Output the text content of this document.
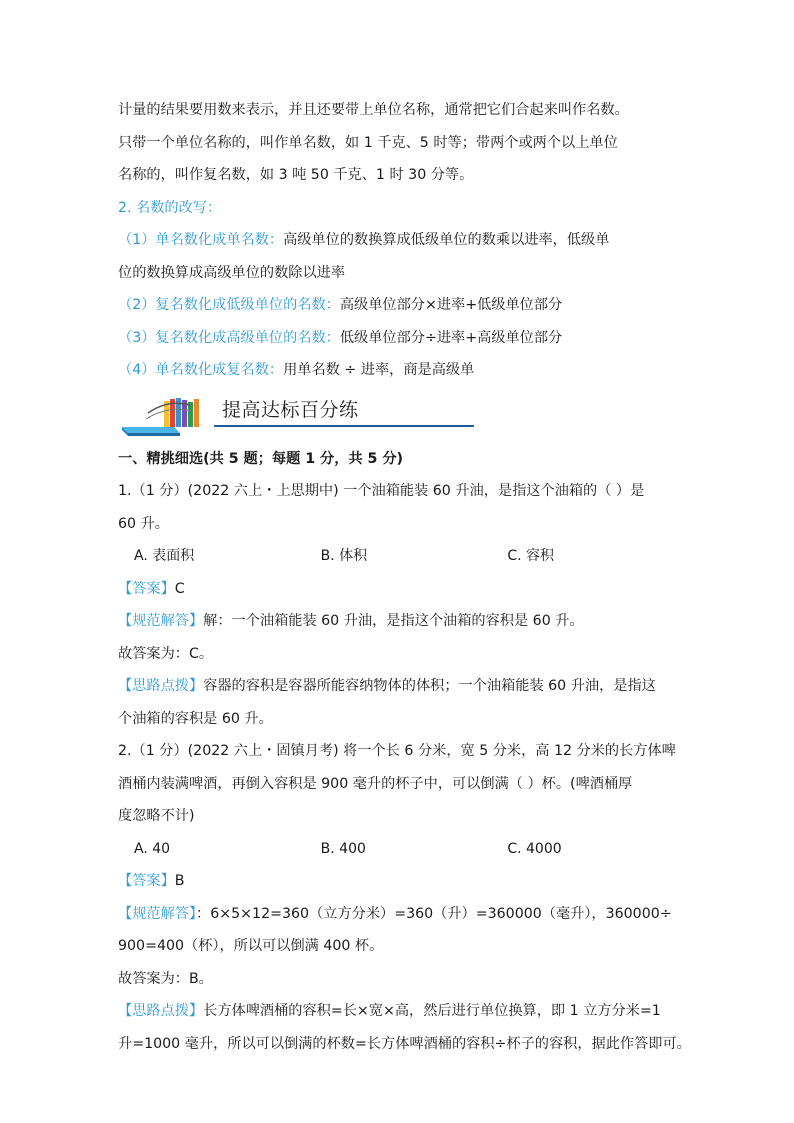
计量的结果要用数来表示，并且还要带上单位名称，通常把它们合起来叫作名数。
只带一个单位名称的，叫作单名数，如 1 千克、5 时等；带两个或两个以上单位
名称的，叫作复名数，如 3 吨 50 千克、1 时 30 分等。
2. 名数的改写：
（1）单名数化成单名数：高级单位的数换算成低级单位的数乘以进率，低级单
位的数换算成高级单位的数除以进率
（2）复名数化成低级单位的名数：高级单位部分×进率+低级单位部分
（3）复名数化成高级单位的名数：低级单位部分÷进率+高级单位部分
（4）单名数化成复名数：用单名数 ÷ 进率，商是高级单
提高达标百分练
一、精挑细选(共 5 题；每题 1 分，共 5 分)
1.（1 分）(2022 六上・上思期中) 一个油箱能装 60 升油，是指这个油箱的（ ）是
60 升。
A. 表面积	B. 体积	C. 容积
【答案】C
【规范解答】解：一个油箱能装 60 升油，是指这个油箱的容积是 60 升。
故答案为：C。
【思路点拨】容器的容积是容器所能容纳物体的体积；一个油箱能装 60 升油，是指这
个油箱的容积是 60 升。
2.（1 分）(2022 六上・固镇月考) 将一个长 6 分米，宽 5 分米，高 12 分米的长方体啤
酒桶内装满啤酒，再倒入容积是 900 毫升的杯子中，可以倒满（ ）杯。(啤酒桶厚
度忽略不计)
A. 40	B. 400	C. 4000
【答案】B
【规范解答】：6×5×12=360（立方分米）=360（升）=360000（毫升），360000÷
900=400（杯），所以可以倒满 400 杯。
故答案为：B。
【思路点拨】长方体啤酒桶的容积=长×宽×高，然后进行单位换算，即 1 立方分米=1
升=1000 毫升，所以可以倒满的杯数=长方体啤酒桶的容积÷杯子的容积，据此作答即可。
